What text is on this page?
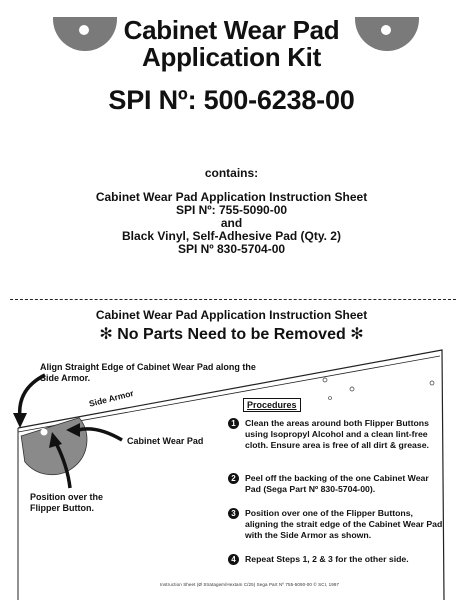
Cabinet Wear Pad
Application Kit
SPI Nº: 500-6238-00
contains:
Cabinet Wear Pad Application Instruction Sheet
SPI Nº: 755-5090-00
and
Black Vinyl, Self-Adhesive Pad (Qty. 2)
SPI Nº 830-5704-00
Cabinet Wear Pad Application Instruction Sheet
✻ No Parts Need to be Removed ✻
Align Straight Edge of Cabinet Wear Pad along the Side Armor.
Side Armor
Cabinet Wear Pad
Position over the Flipper Button.
Procedures
1	Clean the areas around both Flipper Buttons using Isopropyl Alcohol and a clean lint-free cloth. Ensure area is free of all dirt & grease.
2	Peel off the backing of the one Cabinet Wear Pad (Sega Part Nº 830-5704-00).
3	Position over one of the Flipper Buttons, aligning the strait edge of the Cabinet Wear Pad with the Side Armor as shown.
4	Repeat Steps 1, 2 & 3 for the other side.
Instruction Sheet (Ø Stratagem/Hextam C/25) Sega Part Nº 755-5090-00 © SCI, 1997
